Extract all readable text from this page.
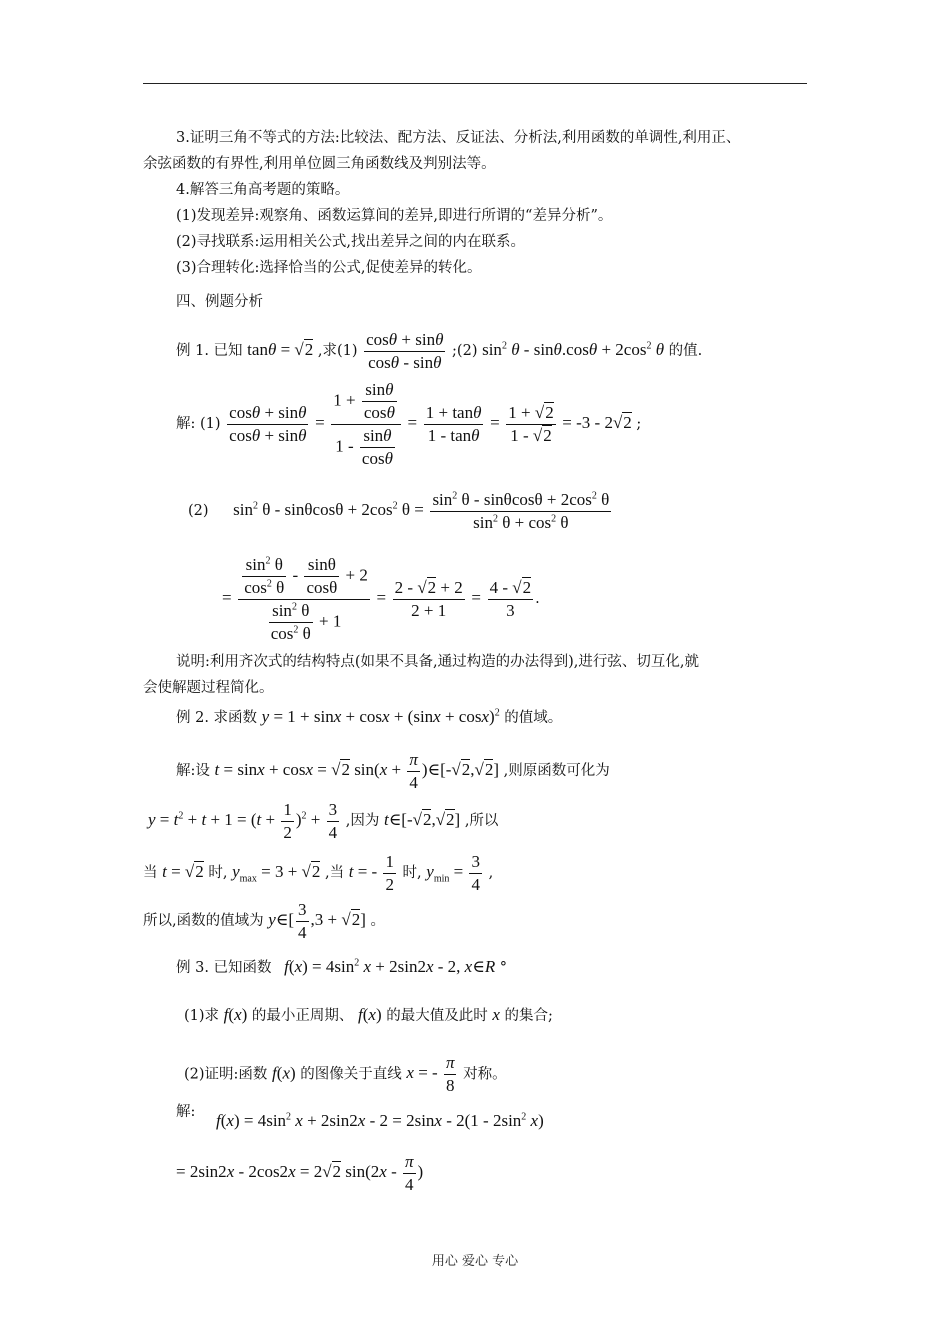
3.证明三角不等式的方法:比较法、配方法、反证法、分析法,利用函数的单调性,利用正、
余弦函数的有界性,利用单位圆三角函数线及判别法等。
4.解答三角高考题的策略。
(1)发现差异:观察角、函数运算间的差异,即进行所谓的“差异分析”。
(2)寻找联系:运用相关公式,找出差异之间的内在联系。
(3)合理转化:选择恰当的公式,促使差异的转化。
四、例题分析
例 1. 已知 tanθ = √2 ,求$(1) \frac{\cos\theta + \sin\theta}{\cos\theta - \sin\theta}$ ;(2) $\sin^2 \theta - \sin\theta.\cos\theta + 2\cos^2$ θ 的值.
解: $(1) \frac{\cos\theta + \sin\theta}{\cos\theta + \sin\theta} = \frac{1 + \frac{\sin\theta}{\cos\theta}}{1 - \frac{\sin\theta}{\cos\theta}} = \frac{1 + \tan\theta}{1 - \tan\theta} = \frac{1 + √2}{1 - √2} = -3 - 2√2$ ;
(2) $\sin^2 \theta - \sin\theta\cos\theta + 2\cos^2$ $\theta = \frac{\sin^2 \theta - \sin\theta\cos\theta + 2\cos^2 \theta}{\sin^2 \theta + \cos^2 \theta}$
= $\frac{\frac{\sin^2 \theta}{\cos^2 \theta} - \frac{\sin\theta}{\cos\theta} + 2}{\frac{\sin^2 \theta}{\cos^2 \theta} + 1} = \frac{2 - √2 + 2}{2 + 1} = \frac{4 - √2}{3}$ .
说明:利用齐次式的结构特点(如果不具备,通过构造的办法得到),进行弦、切互化,就
会使解题过程简化。
例 2. 求函数 $y = 1 + \sin x + \cos x + (\sin x + \cos x)^2$ 的值域。
解:设 t = sinx + cosx = √2 $\sin(x + \frac{\pi}{4}$ )∈[-√2,√2] ,则原函数可化为
$y = t^2 + t + 1 = (t + \frac{1}{2} )^2 + \frac{3}{4}$ ,因为 t∈[-√2,√2] ,所以
当 t = √2 时, $y_{max} = 3 + √2$ ,当 t = - $\frac{1}{2}$ 时, $y_{min} = \frac{3}{4}$ ,
所以,函数的值域为 y∈[ $\frac{3}{4} ,3 + √2$] 。
例 3. 已知函数 $f(x) = 4\sin^2$ x + 2sin2x - 2, x∈R °
(1)求 f(x) 的最小正周期、 f(x) 的最大值及此时 x 的集合;
(2)证明:函数 f(x) 的图像关于直线 x = - $\frac{\pi}{8}$ 对称。
解: $f(x) = 4\sin^2$ $x + 2\sin 2x - 2 = 2\sin x - 2(1 - 2\sin^2$ x)
= 2sin2x - 2cos2x = 2√2 $\sin(2x - \frac{\pi}{4}$ )
用心 爱心 专心
